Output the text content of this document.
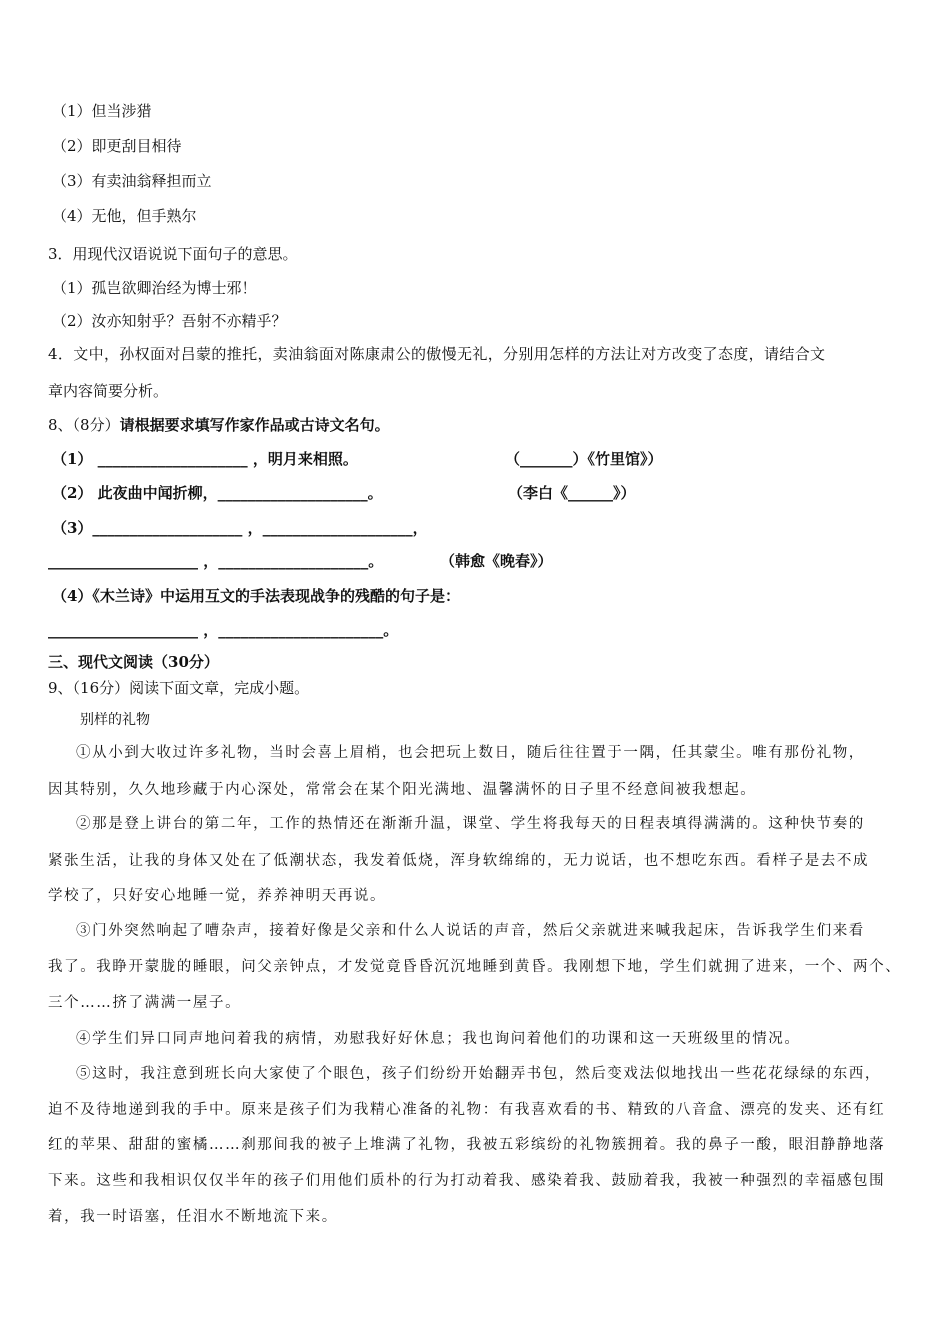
（1）但当涉猎
（2）即更刮目相待
（3）有卖油翁释担而立
（4）无他，但手熟尔
3．用现代汉语说说下面句子的意思。
（1）孤岂欲卿治经为博士邪！
（2）汝亦知射乎？吾射不亦精乎？
4．文中，孙权面对吕蒙的推托，卖油翁面对陈康肃公的傲慢无礼，分别用怎样的方法让对方改变了态度，请结合文
章内容简要分析。
8、（8分）请根据要求填写作家作品或古诗文名句。
（1） ____________________ ，明月来相照。	（_______）《竹里馆》）
（2） 此夜曲中闻折柳，____________________。	（李白《______》）
（3）____________________ ，____________________，
____________________ ，____________________。	（韩愈《晚春》）
（4）《木兰诗》中运用互文的手法表现战争的残酷的句子是：
____________________ ，______________________。
三、现代文阅读（30分）
9、（16分）阅读下面文章，完成小题。
别样的礼物
①从小到大收过许多礼物，当时会喜上眉梢，也会把玩上数日，随后往往置于一隅，任其蒙尘。唯有那份礼物，
因其特别，久久地珍藏于内心深处，常常会在某个阳光满地、温馨满怀的日子里不经意间被我想起。
②那是登上讲台的第二年，工作的热情还在渐渐升温，课堂、学生将我每天的日程表填得满满的。这种快节奏的
紧张生活，让我的身体又处在了低潮状态，我发着低烧，浑身软绵绵的，无力说话，也不想吃东西。看样子是去不成
学校了，只好安心地睡一觉，养养神明天再说。
③门外突然响起了嘈杂声，接着好像是父亲和什么人说话的声音，然后父亲就进来喊我起床，告诉我学生们来看
我了。我睁开蒙胧的睡眼，问父亲钟点，才发觉竟昏昏沉沉地睡到黄昏。我刚想下地，学生们就拥了进来，一个、两个、
三个……挤了满满一屋子。
④学生们异口同声地问着我的病情，劝慰我好好休息；我也询问着他们的功课和这一天班级里的情况。
⑤这时，我注意到班长向大家使了个眼色，孩子们纷纷开始翻弄书包，然后变戏法似地找出一些花花绿绿的东西，
迫不及待地递到我的手中。原来是孩子们为我精心准备的礼物：有我喜欢看的书、精致的八音盒、漂亮的发夹、还有红
红的苹果、甜甜的蜜橘……刹那间我的被子上堆满了礼物，我被五彩缤纷的礼物簇拥着。我的鼻子一酸，眼泪静静地落
下来。这些和我相识仅仅半年的孩子们用他们质朴的行为打动着我、感染着我、鼓励着我，我被一种强烈的幸福感包围
着，我一时语塞，任泪水不断地流下来。
